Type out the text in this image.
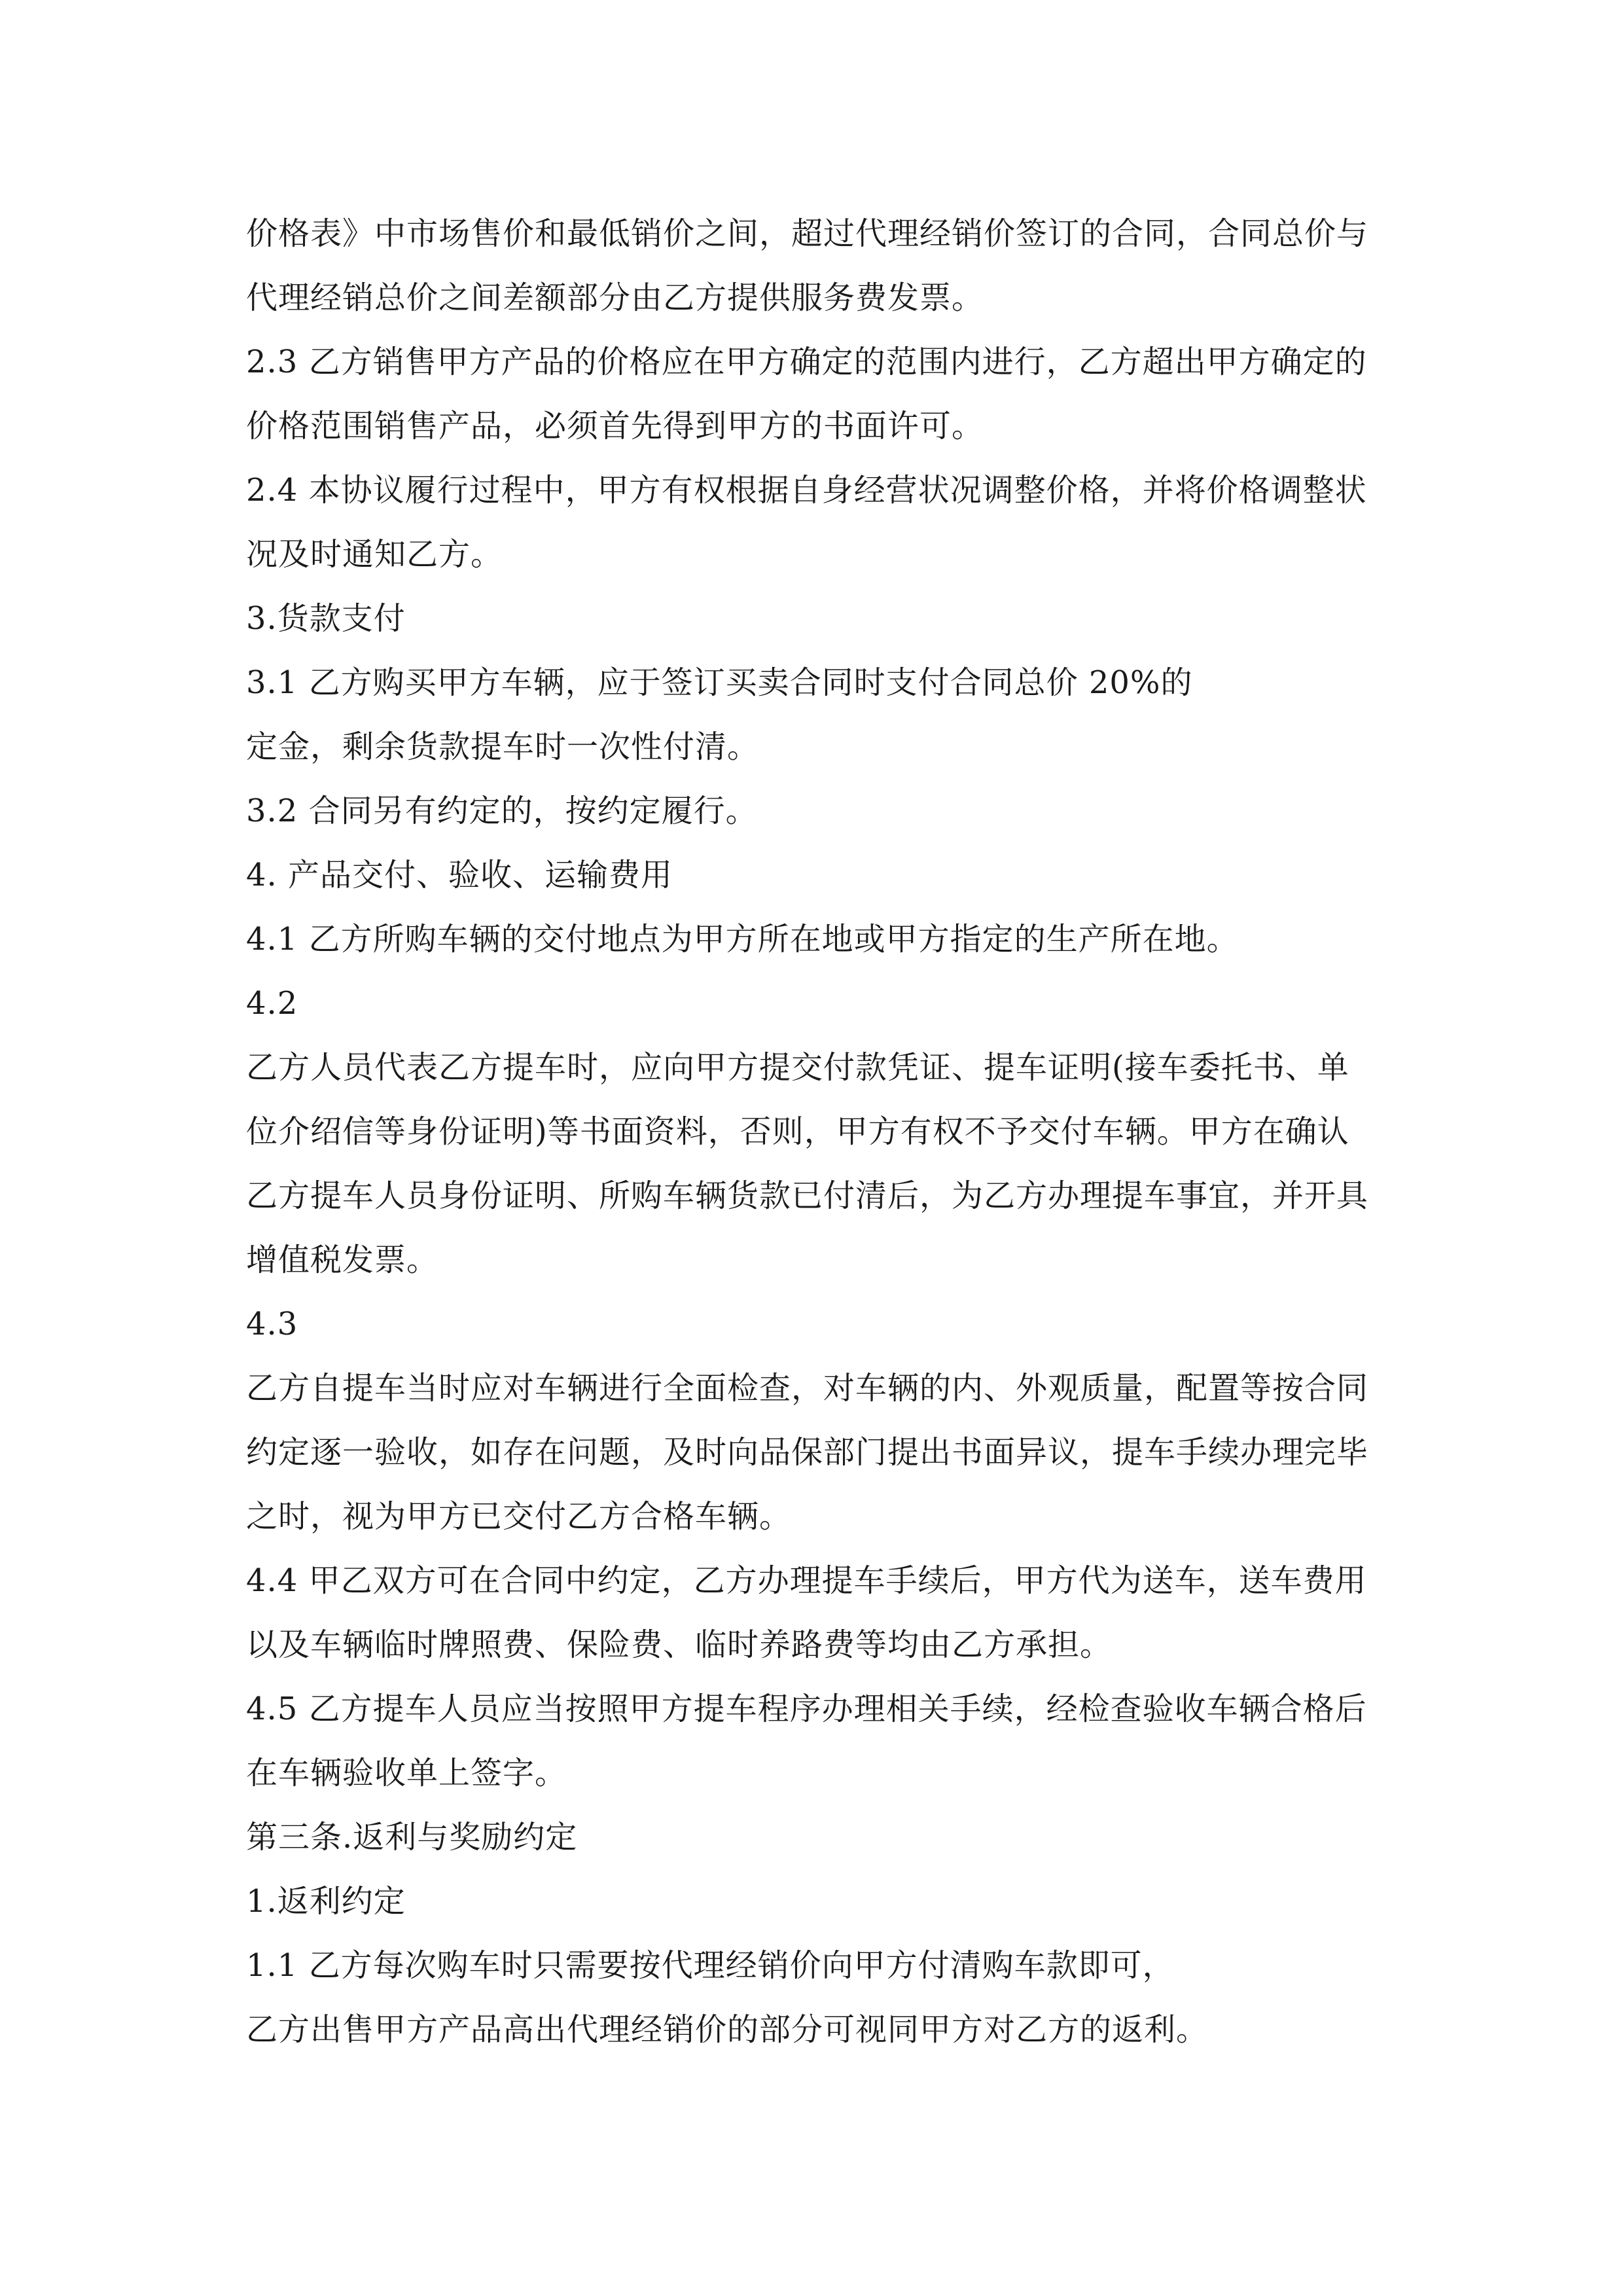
价格表》中市场售价和最低销价之间，超过代理经销价签订的合同，合同总价与

代理经销总价之间差额部分由乙方提供服务费发票。

2.3 乙方销售甲方产品的价格应在甲方确定的范围内进行，乙方超出甲方确定的

价格范围销售产品，必须首先得到甲方的书面许可。

2.4 本协议履行过程中，甲方有权根据自身经营状况调整价格，并将价格调整状

况及时通知乙方。

3.货款支付

3.1 乙方购买甲方车辆，应于签订买卖合同时支付合同总价 20%的

定金，剩余货款提车时一次性付清。

3.2 合同另有约定的，按约定履行。

4. 产品交付、验收、运输费用

4.1 乙方所购车辆的交付地点为甲方所在地或甲方指定的生产所在地。

4.2

乙方人员代表乙方提车时，应向甲方提交付款凭证、提车证明(接车委托书、单

位介绍信等身份证明)等书面资料，否则，甲方有权不予交付车辆。甲方在确认

乙方提车人员身份证明、所购车辆货款已付清后，为乙方办理提车事宜，并开具

增值税发票。

4.3

乙方自提车当时应对车辆进行全面检查，对车辆的内、外观质量，配置等按合同

约定逐一验收，如存在问题，及时向品保部门提出书面异议，提车手续办理完毕

之时，视为甲方已交付乙方合格车辆。

4.4 甲乙双方可在合同中约定，乙方办理提车手续后，甲方代为送车，送车费用

以及车辆临时牌照费、保险费、临时养路费等均由乙方承担。

4.5 乙方提车人员应当按照甲方提车程序办理相关手续，经检查验收车辆合格后

在车辆验收单上签字。

第三条.返利与奖励约定

1.返利约定

1.1 乙方每次购车时只需要按代理经销价向甲方付清购车款即可，

乙方出售甲方产品高出代理经销价的部分可视同甲方对乙方的返利。
